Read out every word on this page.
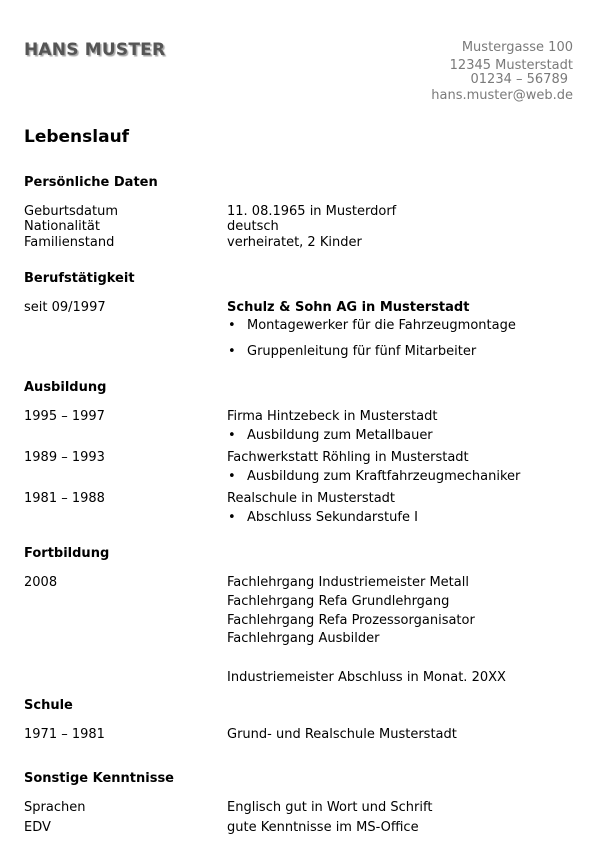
HANS MUSTER	Mustergasse 100
12345 Musterstadt
01234 – 56789
hans.muster@web.de
Lebenslauf
Persönliche Daten
Geburtsdatum	11. 08.1965 in Musterdorf
Nationalität	deutsch
Familienstand	verheiratet, 2 Kinder
Berufstätigkeit
seit 09/1997	Schulz & Sohn AG in Musterstadt
• Montagewerker für die Fahrzeugmontage
• Gruppenleitung für fünf Mitarbeiter
Ausbildung
1995 – 1997	Firma Hintzebeck in Musterstadt
• Ausbildung zum Metallbauer
1989 – 1993	Fachwerkstatt Röhling in Musterstadt
• Ausbildung zum Kraftfahrzeugmechaniker
1981 – 1988	Realschule in Musterstadt
• Abschluss Sekundarstufe I
Fortbildung
2008	Fachlehrgang Industriemeister Metall
Fachlehrgang Refa Grundlehrgang
Fachlehrgang Refa Prozessorganisator
Fachlehrgang Ausbilder
Industriemeister Abschluss in Monat. 20XX
Schule
1971 – 1981	Grund- und Realschule Musterstadt
Sonstige Kenntnisse
Sprachen	Englisch gut in Wort und Schrift
EDV	gute Kenntnisse im MS-Office
